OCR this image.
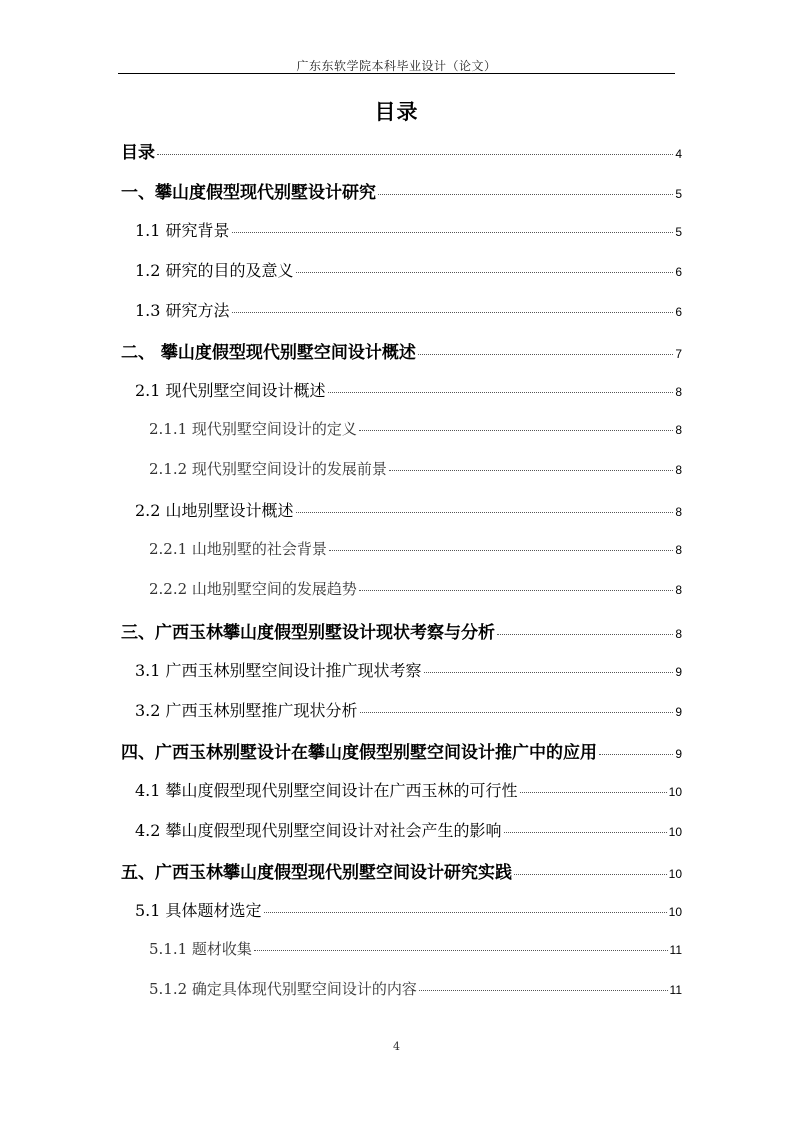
广东东软学院本科毕业设计（论文）
目录
目录	4
一、攀山度假型现代别墅设计研究	5
1.1 研究背景	5
1.2 研究的目的及意义	6
1.3 研究方法	6
二、 攀山度假型现代别墅空间设计概述	7
2.1 现代别墅空间设计概述	8
2.1.1 现代别墅空间设计的定义	8
2.1.2 现代别墅空间设计的发展前景	8
2.2 山地别墅设计概述	8
2.2.1 山地别墅的社会背景	8
2.2.2 山地别墅空间的发展趋势	8
三、广西玉林攀山度假型别墅设计现状考察与分析	8
3.1 广西玉林别墅空间设计推广现状考察	9
3.2 广西玉林别墅推广现状分析	9
四、广西玉林别墅设计在攀山度假型别墅空间设计推广中的应用	9
4.1 攀山度假型现代别墅空间设计在广西玉林的可行性	10
4.2 攀山度假型现代别墅空间设计对社会产生的影响	10
五、广西玉林攀山度假型现代别墅空间设计研究实践	10
5.1 具体题材选定	10
5.1.1 题材收集	11
5.1.2 确定具体现代别墅空间设计的内容	11
4
